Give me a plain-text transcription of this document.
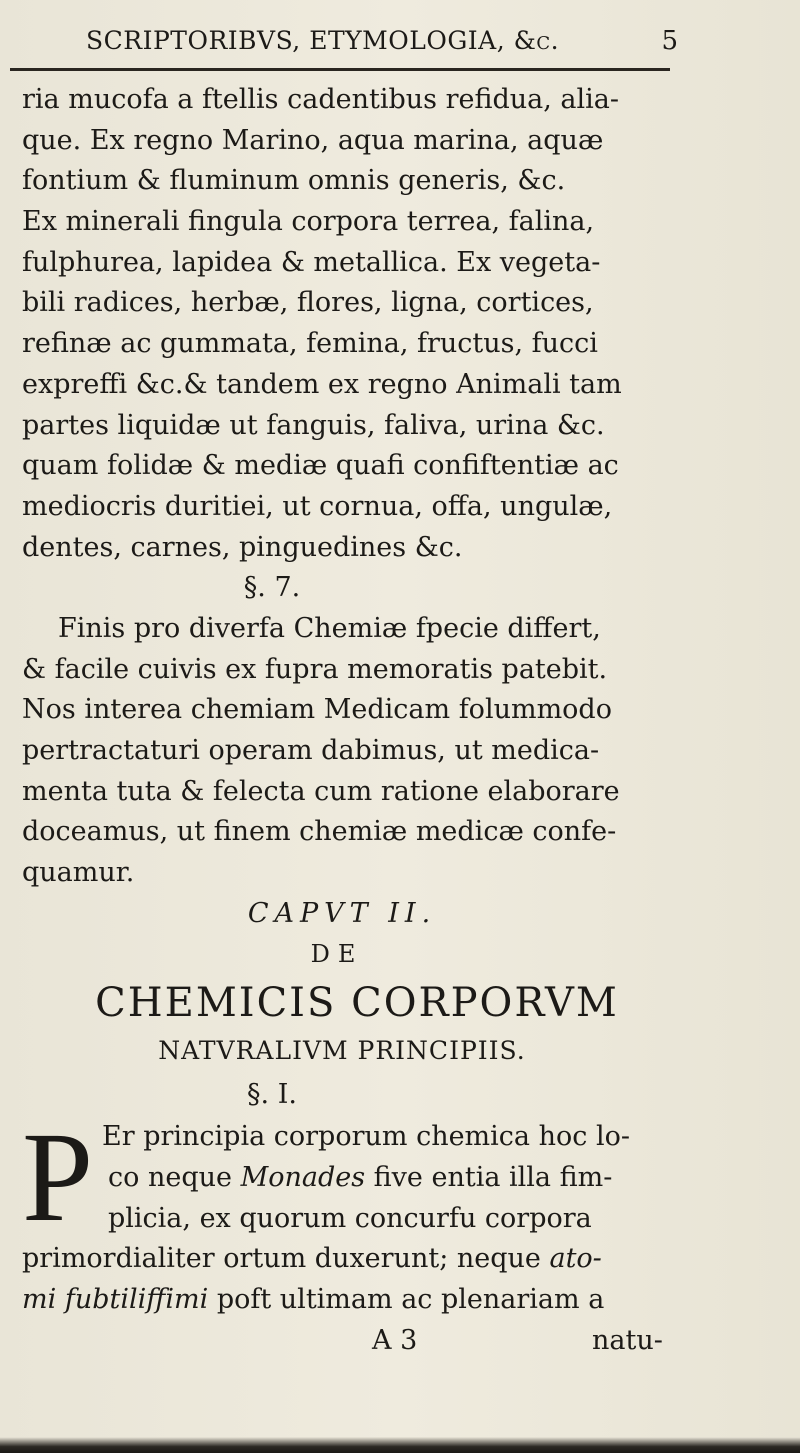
SCRIPTORIBVS, ETYMOLOGIA, &c.	5
ria mucofa a ftellis cadentibus refidua, alia-
que. Ex regno Marino, aqua marina, aquæ
fontium & fluminum omnis generis, &c.
Ex minerali fingula corpora terrea, falina,
fulphurea, lapidea & metallica. Ex vegeta-
bili radices, herbæ, flores, ligna, cortices,
refinæ ac gummata, femina, fructus, fucci
expreffi &c.& tandem ex regno Animali tam
partes liquidæ ut fanguis, faliva, urina &c.
quam folidæ & mediæ quafi confiftentiæ ac
mediocris duritiei, ut cornua, offa, ungulæ,
dentes, carnes, pinguedines &c.
§. 7.
Finis pro diverfa Chemiæ fpecie differt,
& facile cuivis ex fupra memoratis patebit.
Nos interea chemiam Medicam folummodo
pertractaturi operam dabimus, ut medica-
menta tuta & felecta cum ratione elaborare
doceamus, ut finem chemiæ medicæ confe-
quamur.
CAPVT II.
DE
CHEMICIS CORPORVM
NATVRALIVM PRINCIPIIS.
§. I.
P Er principia corporum chemica hoc lo-
co neque Monades five entia illa fim-
plicia, ex quorum concurfu corpora
primordialiter ortum duxerunt; neque ato-
mi fubtiliffimi poft ultimam ac plenariam a
A 3	natu-
